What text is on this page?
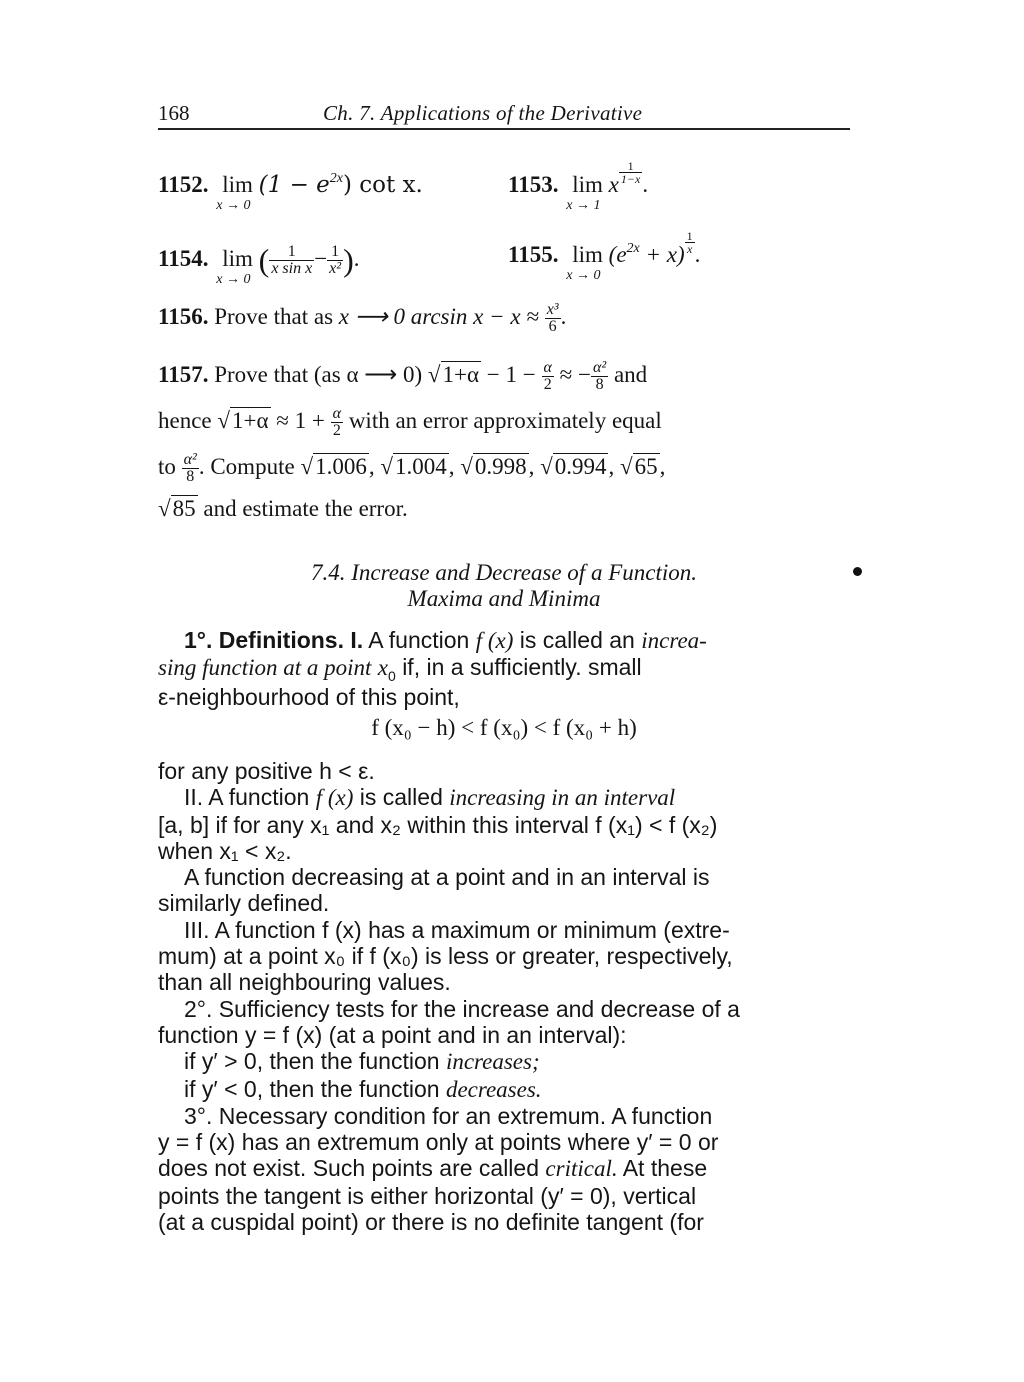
168	Ch. 7. Applications of the Derivative
1152. lim
x → 0
$(1 - e^{2x})$ cot x.	1153. lim
x → 1
x $\frac{1}{1-x}$ .
1154. lim
x → 0
( $\frac{1}{\text{x sin x}} - \frac{1}{\text{x²}}$ ).	1155. lim
x → 0
$(e^{2x} + x) \frac{1}{x}$ .
1156. Prove that as x ⟶ 0 $\arcsin x - x \approx \frac{\text{x³}}{6}$ .
1157. Prove that (as α ⟶ 0) $√1+\alpha - 1 - \frac{\alpha}{2}$ ≈ − $\frac{\text{α²}}{8}$ and
hence $√1+\alpha \approx 1 + \frac{\alpha}{2}$ with an error approximately equal
to $\frac{\text{α²}}{8}$ . Compute √1.006, √1.004, √0.998, √0.994, √65,
√85 and estimate the error.
7.4. Increase and Decrease of a Function.
Maxima and Minima
1°. Definitions. I. A function f (x) is called an increa-
sing function at a point $x_0$ if, in a sufficiently. small
ε-neighbourhood of this point,
f (x₀ − h) < f (x₀) < f (x₀ + h)
for any positive h < ε.
II. A function f (x) is called increasing in an interval
[a, b] if for any x₁ and x₂ within this interval f (x₁) < f (x₂)
when x₁ < x₂.
A function decreasing at a point and in an interval is
similarly defined.
III. A function f (x) has a maximum or minimum (extre-
mum) at a point x₀ if f (x₀) is less or greater, respectively,
than all neighbouring values.
2°. Sufficiency tests for the increase and decrease of a
function y = f (x) (at a point and in an interval):
if y′ > 0, then the function increases;
if y′ < 0, then the function decreases.
3°. Necessary condition for an extremum. A function
y = f (x) has an extremum only at points where y′ = 0 or
does not exist. Such points are called critical. At these
points the tangent is either horizontal (y′ = 0), vertical
(at a cuspidal point) or there is no definite tangent (for
